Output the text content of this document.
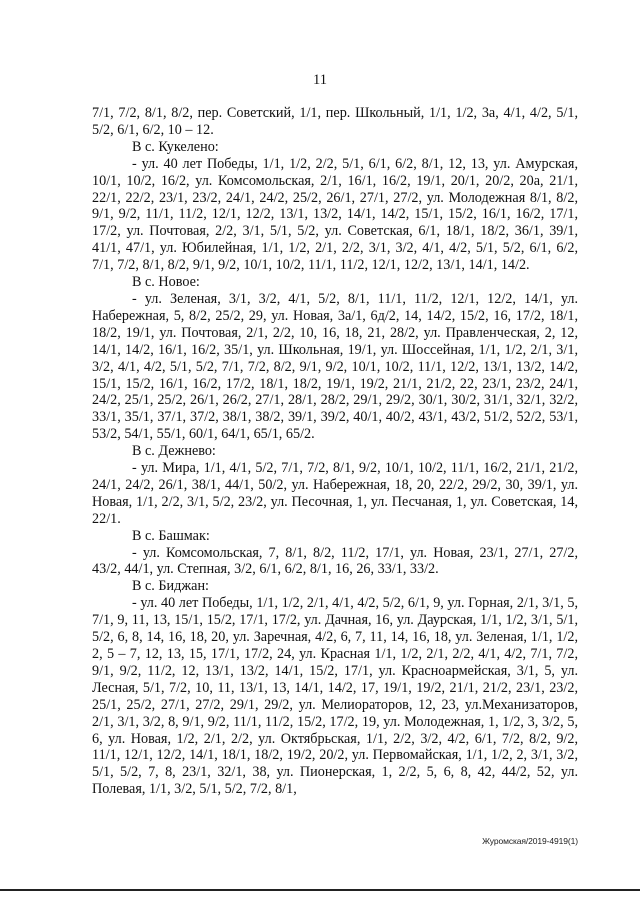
11

7/1, 7/2, 8/1, 8/2, пер. Советский, 1/1, пер. Школьный, 1/1, 1/2, 3а, 4/1, 4/2, 5/1, 5/2, 6/1, 6/2, 10 – 12.

В с. Кукелено:

- ул. 40 лет Победы, 1/1, 1/2, 2/2, 5/1, 6/1, 6/2, 8/1, 12, 13, ул. Амурская, 10/1, 10/2, 16/2, ул. Комсомольская, 2/1, 16/1, 16/2, 19/1, 20/1, 20/2, 20а, 21/1, 22/1, 22/2, 23/1, 23/2, 24/1, 24/2, 25/2, 26/1, 27/1, 27/2, ул. Молодежная 8/1, 8/2, 9/1, 9/2, 11/1, 11/2, 12/1, 12/2, 13/1, 13/2, 14/1, 14/2, 15/1, 15/2, 16/1, 16/2, 17/1, 17/2, ул. Почтовая, 2/2, 3/1, 5/1, 5/2, ул. Советская, 6/1, 18/1, 18/2, 36/1, 39/1, 41/1, 47/1, ул. Юбилейная, 1/1, 1/2, 2/1, 2/2, 3/1, 3/2, 4/1, 4/2, 5/1, 5/2, 6/1, 6/2, 7/1, 7/2, 8/1, 8/2, 9/1, 9/2, 10/1, 10/2, 11/1, 11/2, 12/1, 12/2, 13/1, 14/1, 14/2.

В с. Новое:

- ул. Зеленая, 3/1, 3/2, 4/1, 5/2, 8/1, 11/1, 11/2, 12/1, 12/2, 14/1, ул. Набережная, 5, 8/2, 25/2, 29, ул. Новая, 3а/1, 6д/2, 14, 14/2, 15/2, 16, 17/2, 18/1, 18/2, 19/1, ул. Почтовая, 2/1, 2/2, 10, 16, 18, 21, 28/2, ул. Правленческая, 2, 12, 14/1, 14/2, 16/1, 16/2, 35/1, ул. Школьная, 19/1, ул. Шоссейная, 1/1, 1/2, 2/1, 3/1, 3/2, 4/1, 4/2, 5/1, 5/2, 7/1, 7/2, 8/2, 9/1, 9/2, 10/1, 10/2, 11/1, 12/2, 13/1, 13/2, 14/2, 15/1, 15/2, 16/1, 16/2, 17/2, 18/1, 18/2, 19/1, 19/2, 21/1, 21/2, 22, 23/1, 23/2, 24/1, 24/2, 25/1, 25/2, 26/1, 26/2, 27/1, 28/1, 28/2, 29/1, 29/2, 30/1, 30/2, 31/1, 32/1, 32/2, 33/1, 35/1, 37/1, 37/2, 38/1, 38/2, 39/1, 39/2, 40/1, 40/2, 43/1, 43/2, 51/2, 52/2, 53/1, 53/2, 54/1, 55/1, 60/1, 64/1, 65/1, 65/2.

В с. Дежнево:

- ул. Мира, 1/1, 4/1, 5/2, 7/1, 7/2, 8/1, 9/2, 10/1, 10/2, 11/1, 16/2, 21/1, 21/2, 24/1, 24/2, 26/1, 38/1, 44/1, 50/2, ул. Набережная, 18, 20, 22/2, 29/2, 30, 39/1, ул. Новая, 1/1, 2/2, 3/1, 5/2, 23/2, ул. Песочная, 1, ул. Песчаная, 1, ул. Советская, 14, 22/1.

В с. Башмак:

- ул. Комсомольская, 7, 8/1, 8/2, 11/2, 17/1, ул. Новая, 23/1, 27/1, 27/2, 43/2, 44/1, ул. Степная, 3/2, 6/1, 6/2, 8/1, 16, 26, 33/1, 33/2.

В с. Биджан:

- ул. 40 лет Победы, 1/1, 1/2, 2/1, 4/1, 4/2, 5/2, 6/1, 9, ул. Горная, 2/1, 3/1, 5, 7/1, 9, 11, 13, 15/1, 15/2, 17/1, 17/2, ул. Дачная, 16, ул. Даурская, 1/1, 1/2, 3/1, 5/1, 5/2, 6, 8, 14, 16, 18, 20, ул. Заречная, 4/2, 6, 7, 11, 14, 16, 18, ул. Зеленая, 1/1, 1/2, 2, 5 – 7, 12, 13, 15, 17/1, 17/2, 24, ул. Красная 1/1, 1/2, 2/1, 2/2, 4/1, 4/2, 7/1, 7/2, 9/1, 9/2, 11/2, 12, 13/1, 13/2, 14/1, 15/2, 17/1, ул. Красноармейская, 3/1, 5, ул. Лесная, 5/1, 7/2, 10, 11, 13/1, 13, 14/1, 14/2, 17, 19/1, 19/2, 21/1, 21/2, 23/1, 23/2, 25/1, 25/2, 27/1, 27/2, 29/1, 29/2, ул. Мелиораторов, 12, 23, ул.Механизаторов, 2/1, 3/1, 3/2, 8, 9/1, 9/2, 11/1, 11/2, 15/2, 17/2, 19, ул. Молодежная, 1, 1/2, 3, 3/2, 5, 6, ул. Новая, 1/2, 2/1, 2/2, ул. Октябрьская, 1/1, 2/2, 3/2, 4/2, 6/1, 7/2, 8/2, 9/2, 11/1, 12/1, 12/2, 14/1, 18/1, 18/2, 19/2, 20/2, ул. Первомайская, 1/1, 1/2, 2, 3/1, 3/2, 5/1, 5/2, 7, 8, 23/1, 32/1, 38, ул. Пионерская, 1, 2/2, 5, 6, 8, 42, 44/2, 52, ул. Полевая, 1/1, 3/2, 5/1, 5/2, 7/2, 8/1,

Журомская/2019-4919(1)
